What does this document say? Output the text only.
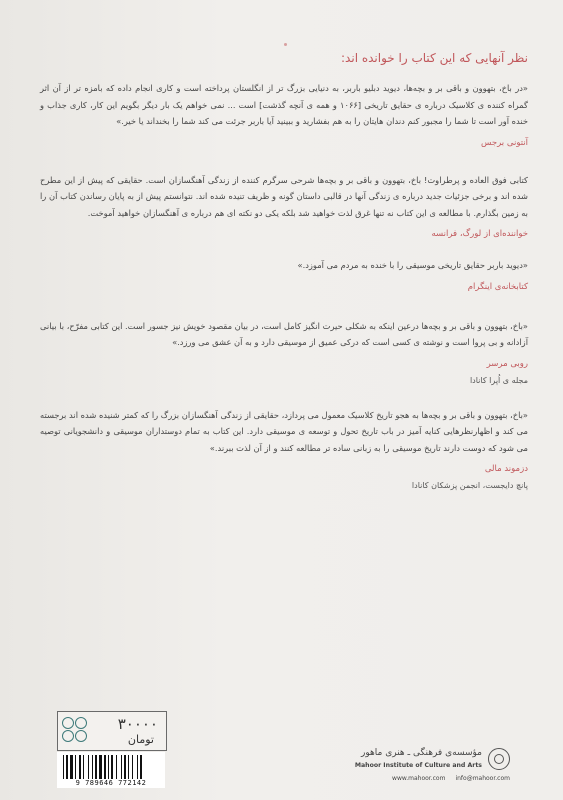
نظر آنهایی که این کتاب را خوانده اند:

«در باخ، بتهوون و باقی بر و بچه‌ها، دیوید دبلیو باربر، به دنیایی بزرگ تر از انگلستان پرداخته است و کاری انجام داده که بامزه تر از آن اثر گمراه کننده ی کلاسیک درباره ی حقایق تاریخی [۱۰۶۶ و همه ی آنچه گذشت] است ... نمی خواهم یک بار دیگر بگویم این کار، کاری جذاب و خنده آور است تا شما را مجبور کنم دندان هایتان را به هم بفشارید و ببینید آیا باربر جرئت می کند شما را بخنداند یا خیر.»

آنتونی برجس

کتابی فوق العاده و پرطراوت! باخ، بتهوون و باقی بر و بچه‌ها شرحی سرگرم کننده از زندگی آهنگسازان است. حقایقی که پیش از این مطرح شده اند و برخی جزئیات جدید درباره ی زندگی آنها در قالبی داستان گونه و ظریف تنیده شده اند. نتوانستم پیش از به پایان رساندن کتاب آن را به زمین بگذارم. با مطالعه ی این کتاب نه تنها غرق لذت خواهید شد بلکه یکی دو نکته ای هم درباره ی آهنگسازان خواهید آموخت.

خواننده‌ای از لورگ، فرانسه

«دیوید باربر حقایق تاریخی موسیقی را با خنده به مردم می آموزد.»

کتابخانه‌ی اینگرام

«باخ، بتهوون و باقی بر و بچه‌ها درعین اینکه به شکلی حیرت انگیز کامل است، در بیان مقصود خویش نیز جسور است. این کتابی مفرّح، با بیانی آزادانه و بی پروا است و نوشته ی کسی است که درکی عمیق از موسیقی دارد و به آن عشق می ورزد.»

روبی مرسر

مجله ی اُپرا کانادا

«باخ، بتهوون و باقی بر و بچه‌ها به هجو تاریخ کلاسیک معمول می پردازد، حقایقی از زندگی آهنگسازان بزرگ را که کمتر شنیده شده اند برجسته می کند و اظهارنظرهایی کنایه آمیز در باب تاریخ تحول و توسعه ی موسیقی دارد. این کتاب به تمام دوستداران موسیقی و دانشجویانی توصیه می شود که دوست دارند تاریخ موسیقی را به زبانی ساده تر مطالعه کنند و از آن لذت ببرند.»

دزموند مالی

پانچ دایجست، انجمن پزشکان کانادا

۳۰۰۰۰
تومان
9 789646 772142
مؤسسه‌ی فرهنگی ـ هنری ماهور
Mahoor Institute of Culture and Arts
www.mahoor.com info@mahoor.com
